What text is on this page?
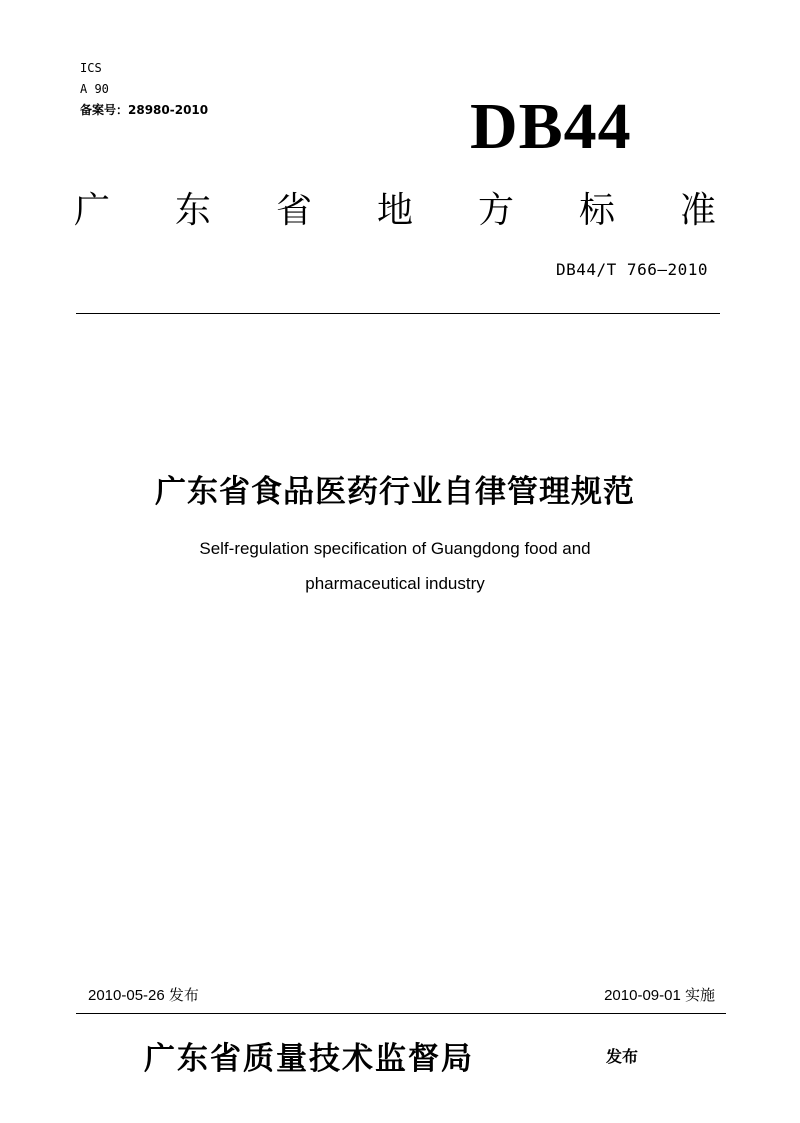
ICS
A 90
备案号：28980-2010	DB44
广 东 省 地 方 标 准
DB44/T 766—2010
广东省食品医药行业自律管理规范
Self-regulation specification of Guangdong food and
pharmaceutical industry
2010-05-26 发布	2010-09-01 实施
广东省质量技术监督局	发布
